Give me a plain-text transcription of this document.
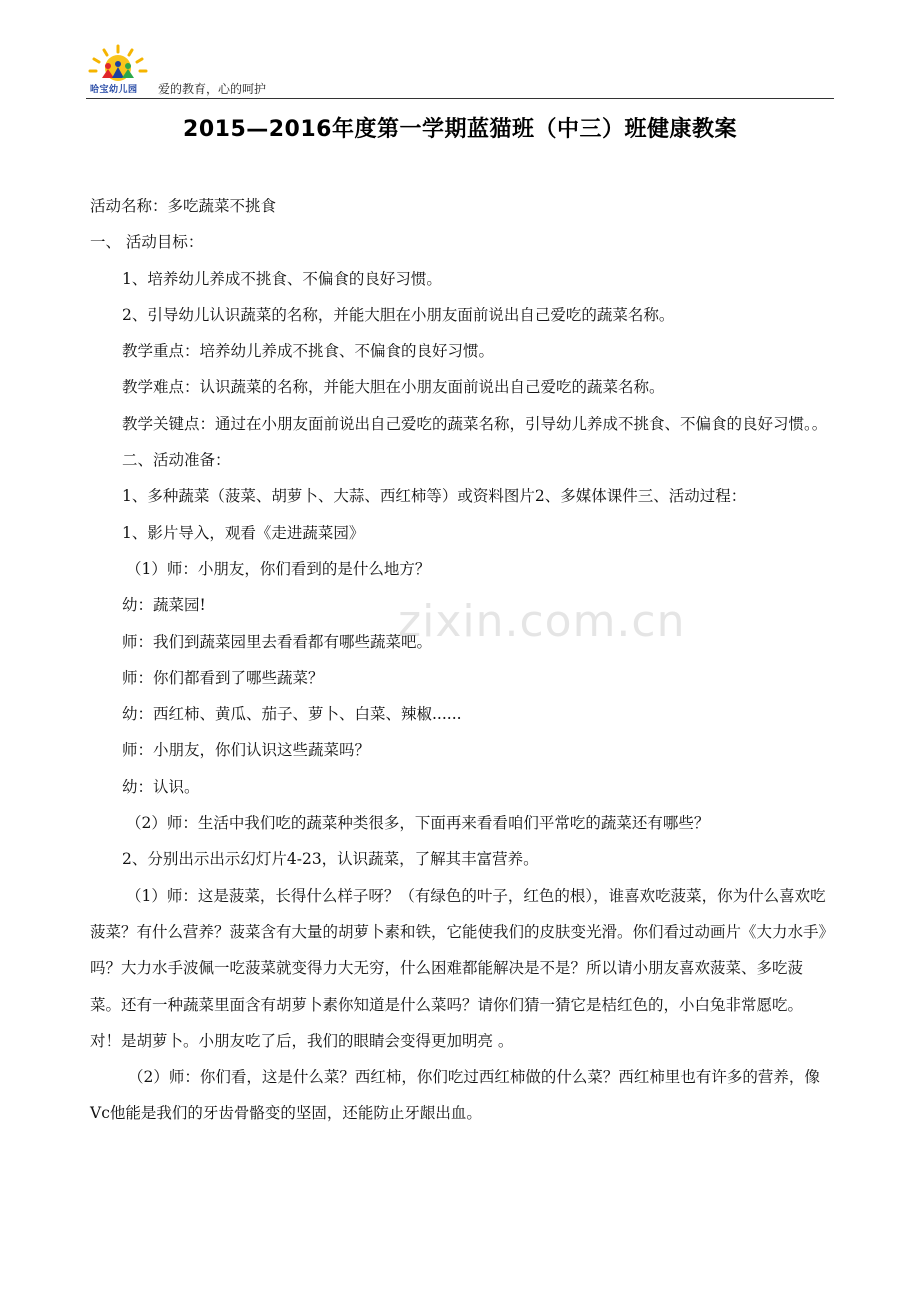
哈宝幼儿园 爱的教育，心的呵护
2015—2016年度第一学期蓝猫班（中三）班健康教案

活动名称：多吃蔬菜不挑食

一、 活动目标：

1、培养幼儿养成不挑食、不偏食的良好习惯。

2、引导幼儿认识蔬菜的名称，并能大胆在小朋友面前说出自己爱吃的蔬菜名称。

教学重点：培养幼儿养成不挑食、不偏食的良好习惯。

教学难点：认识蔬菜的名称，并能大胆在小朋友面前说出自己爱吃的蔬菜名称。

教学关键点：通过在小朋友面前说出自己爱吃的蔬菜名称，引导幼儿养成不挑食、不偏食的良好习惯。。

二、活动准备：

1、多种蔬菜（菠菜、胡萝卜、大蒜、西红柿等）或资料图片2、多媒体课件三、活动过程：

1、影片导入，观看《走进蔬菜园》

（1）师：小朋友，你们看到的是什么地方？

幼：蔬菜园!

师：我们到蔬菜园里去看看都有哪些蔬菜吧。

师：你们都看到了哪些蔬菜？

幼：西红柿、黄瓜、茄子、萝卜、白菜、辣椒......

师：小朋友，你们认识这些蔬菜吗？

幼：认识。

（2）师：生活中我们吃的蔬菜种类很多，下面再来看看咱们平常吃的蔬菜还有哪些？

2、分别出示出示幻灯片4-23，认识蔬菜，了解其丰富营养。

（1）师：这是菠菜，长得什么样子呀？（有绿色的叶子，红色的根），谁喜欢吃菠菜，你为什么喜欢吃菠菜？有什么营养？菠菜含有大量的胡萝卜素和铁，它能使我们的皮肤变光滑。你们看过动画片《大力水手》吗？大力水手波佩一吃菠菜就变得力大无穷，什么困难都能解决是不是？所以请小朋友喜欢菠菜、多吃菠菜。还有一种蔬菜里面含有胡萝卜素你知道是什么菜吗？请你们猜一猜它是桔红色的，小白兔非常愿吃。对！是胡萝卜。小朋友吃了后，我们的眼睛会变得更加明亮 。

（2）师：你们看，这是什么菜？西红柿，你们吃过西红柿做的什么菜？西红柿里也有许多的营养，像Vc他能是我们的牙齿骨骼变的坚固，还能防止牙龈出血。

zixin.com.cn
